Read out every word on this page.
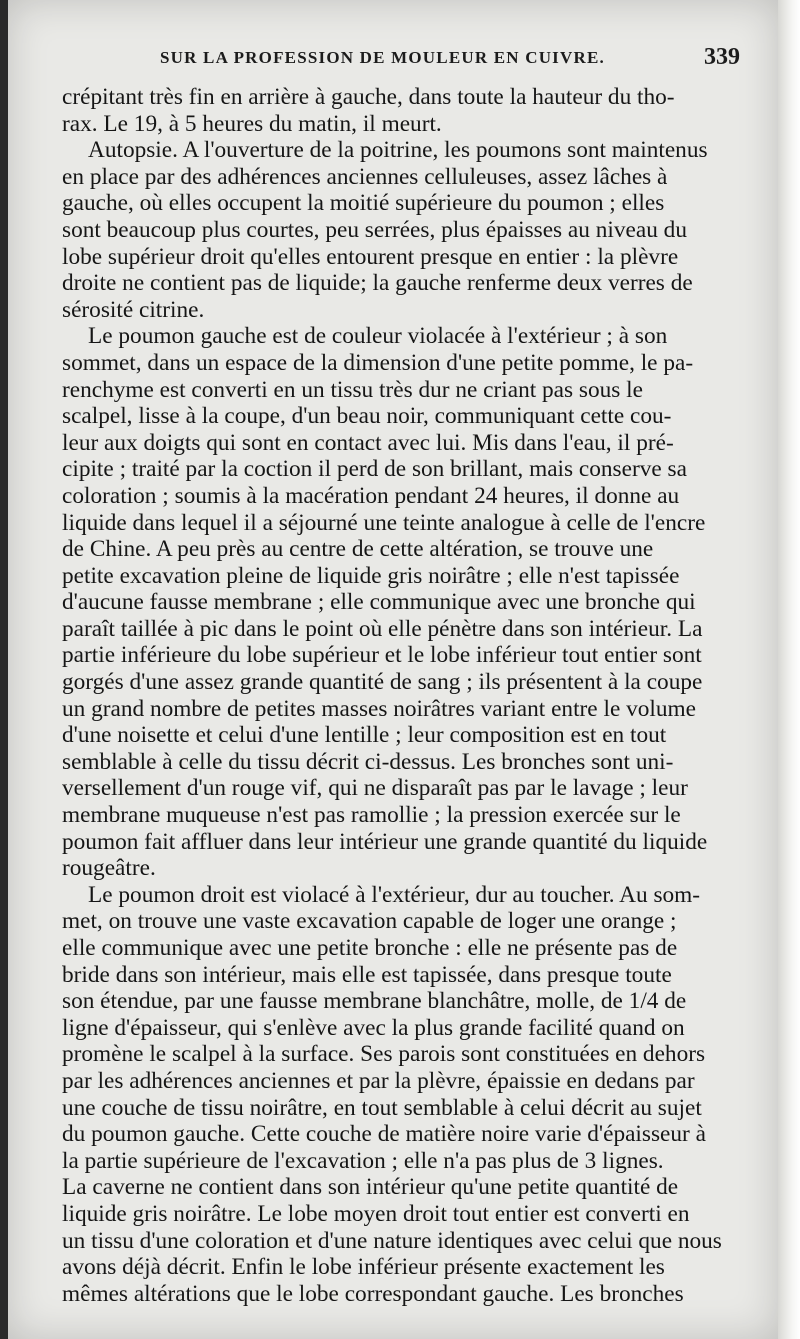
SUR LA PROFESSION DE MOULEUR EN CUIVRE.	339
crépitant très fin en arrière à gauche, dans toute la hauteur du tho-
rax. Le 19, à 5 heures du matin, il meurt.
Autopsie. A l'ouverture de la poitrine, les poumons sont maintenus
en place par des adhérences anciennes celluleuses, assez lâches à
gauche, où elles occupent la moitié supérieure du poumon ; elles
sont beaucoup plus courtes, peu serrées, plus épaisses au niveau du
lobe supérieur droit qu'elles entourent presque en entier : la plèvre
droite ne contient pas de liquide; la gauche renferme deux verres de
sérosité citrine.
Le poumon gauche est de couleur violacée à l'extérieur ; à son
sommet, dans un espace de la dimension d'une petite pomme, le pa-
renchyme est converti en un tissu très dur ne criant pas sous le
scalpel, lisse à la coupe, d'un beau noir, communiquant cette cou-
leur aux doigts qui sont en contact avec lui. Mis dans l'eau, il pré-
cipite ; traité par la coction il perd de son brillant, mais conserve sa
coloration ; soumis à la macération pendant 24 heures, il donne au
liquide dans lequel il a séjourné une teinte analogue à celle de l'encre
de Chine. A peu près au centre de cette altération, se trouve une
petite excavation pleine de liquide gris noirâtre ; elle n'est tapissée
d'aucune fausse membrane ; elle communique avec une bronche qui
paraît taillée à pic dans le point où elle pénètre dans son intérieur. La
partie inférieure du lobe supérieur et le lobe inférieur tout entier sont
gorgés d'une assez grande quantité de sang ; ils présentent à la coupe
un grand nombre de petites masses noirâtres variant entre le volume
d'une noisette et celui d'une lentille ; leur composition est en tout
semblable à celle du tissu décrit ci-dessus. Les bronches sont uni-
versellement d'un rouge vif, qui ne disparaît pas par le lavage ; leur
membrane muqueuse n'est pas ramollie ; la pression exercée sur le
poumon fait affluer dans leur intérieur une grande quantité du liquide
rougeâtre.
Le poumon droit est violacé à l'extérieur, dur au toucher. Au som-
met, on trouve une vaste excavation capable de loger une orange ;
elle communique avec une petite bronche : elle ne présente pas de
bride dans son intérieur, mais elle est tapissée, dans presque toute
son étendue, par une fausse membrane blanchâtre, molle, de 1/4 de
ligne d'épaisseur, qui s'enlève avec la plus grande facilité quand on
promène le scalpel à la surface. Ses parois sont constituées en dehors
par les adhérences anciennes et par la plèvre, épaissie en dedans par
une couche de tissu noirâtre, en tout semblable à celui décrit au sujet
du poumon gauche. Cette couche de matière noire varie d'épaisseur à
la partie supérieure de l'excavation ; elle n'a pas plus de 3 lignes.
La caverne ne contient dans son intérieur qu'une petite quantité de
liquide gris noirâtre. Le lobe moyen droit tout entier est converti en
un tissu d'une coloration et d'une nature identiques avec celui que nous
avons déjà décrit. Enfin le lobe inférieur présente exactement les
mêmes altérations que le lobe correspondant gauche. Les bronches
